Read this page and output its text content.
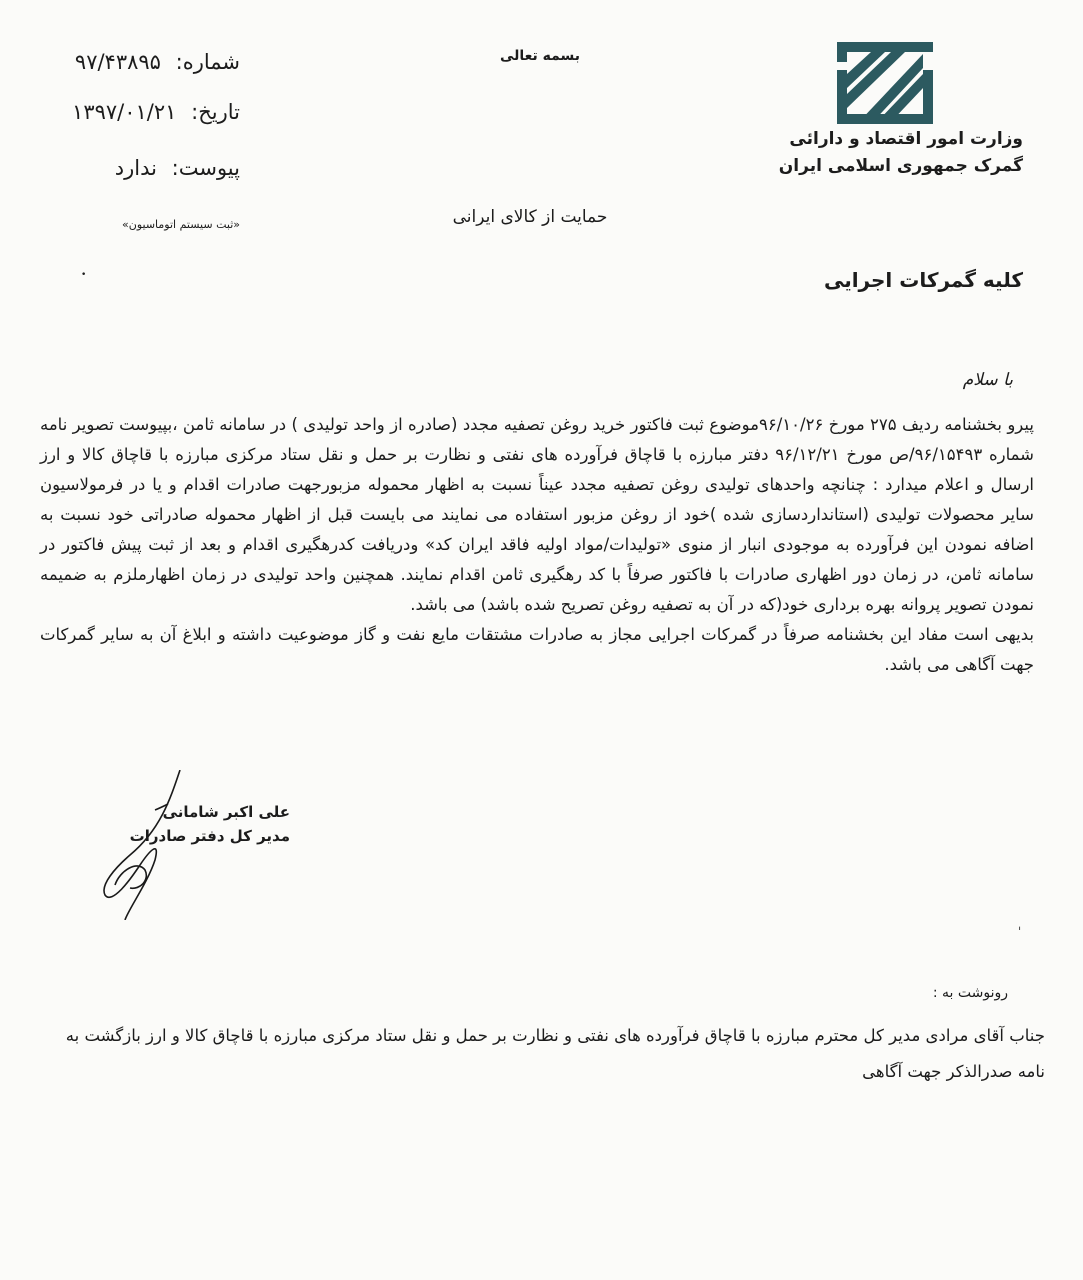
وزارت امور اقتصاد و دارائی
گمرک جمهوری اسلامی ایران
بسمه تعالی
شماره: ۹۷/۴۳۸۹۵
تاریخ: ۱۳۹۷/۰۱/۲۱
پیوست: ندارد
«ثبت سیستم اتوماسیون»	حمایت از کالای ایرانی
•	کلیه گمرکات اجرایی
با سلام

پیرو بخشنامه ردیف ۲۷۵ مورخ ۹۶/۱۰/۲۶موضوع ثبت فاکتور خرید روغن تصفیه مجدد (صادره از واحد تولیدی ) در سامانه ثامن ،بپیوست تصویر نامه شماره ۹۶/۱۵۴۹۳/ص مورخ ۹۶/۱۲/۲۱ دفتر مبارزه با قاچاق فرآورده های نفتی و نظارت بر حمل و نقل ستاد مرکزی مبارزه با قاچاق کالا و ارز ارسال و اعلام میدارد : چنانچه واحدهای تولیدی روغن تصفیه مجدد عیناً نسبت به اظهار محموله مزبورجهت صادرات اقدام و یا در فرمولاسیون سایر محصولات تولیدی (استانداردسازی شده )خود از روغن مزبور استفاده می نمایند می بایست قبل از اظهار محموله صادراتی خود نسبت به اضافه نمودن این فرآورده به موجودی انبار از منوی «تولیدات/مواد اولیه فاقد ایران کد» ودریافت کدرهگیری اقدام و بعد از ثبت پیش فاکتور در سامانه ثامن، در زمان دور اظهاری صادرات با فاکتور صرفاً با کد رهگیری ثامن اقدام نمایند. همچنین واحد تولیدی در زمان اظهارملزم به ضمیمه نمودن تصویر پروانه بهره برداری خود(که در آن به تصفیه روغن تصریح شده باشد) می باشد.

بدیهی است مفاد این بخشنامه صرفاً در گمرکات اجرایی مجاز به صادرات مشتقات مایع نفت و گاز موضوعیت داشته و ابلاغ آن به سایر گمرکات جهت آگاهی می باشد.

علی اکبر شامانی
مدیر کل دفتر صادرات
ˈ
رونوشت به :
جناب آقای مرادی مدیر کل محترم مبارزه با قاچاق فرآورده های نفتی و نظارت بر حمل و نقل ستاد مرکزی مبارزه با قاچاق کالا و ارز بازگشت به نامه صدرالذکر جهت آگاهی
